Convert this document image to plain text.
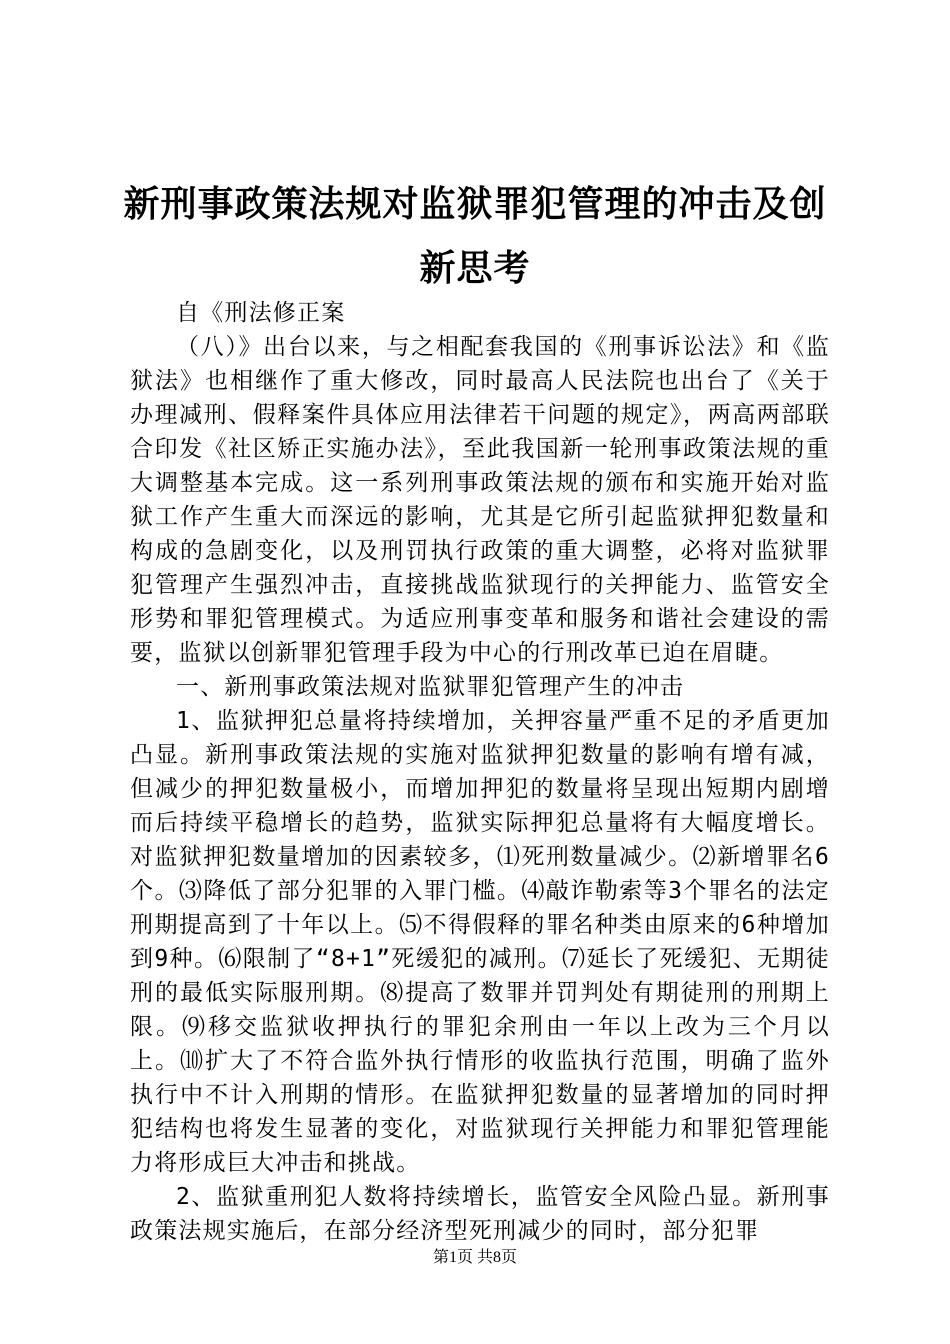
新刑事政策法规对监狱罪犯管理的冲击及创新思考

自《刑法修正案

（八）》出台以来，与之相配套我国的《刑事诉讼法》和《监狱法》也相继作了重大修改，同时最高人民法院也出台了《关于办理减刑、假释案件具体应用法律若干问题的规定》，两高两部联合印发《社区矫正实施办法》，至此我国新一轮刑事政策法规的重大调整基本完成。这一系列刑事政策法规的颁布和实施开始对监狱工作产生重大而深远的影响，尤其是它所引起监狱押犯数量和构成的急剧变化，以及刑罚执行政策的重大调整，必将对监狱罪犯管理产生强烈冲击，直接挑战监狱现行的关押能力、监管安全形势和罪犯管理模式。为适应刑事变革和服务和谐社会建设的需要，监狱以创新罪犯管理手段为中心的行刑改革已迫在眉睫。

一、新刑事政策法规对监狱罪犯管理产生的冲击

1、监狱押犯总量将持续增加，关押容量严重不足的矛盾更加凸显。新刑事政策法规的实施对监狱押犯数量的影响有增有减，但减少的押犯数量极小，而增加押犯的数量将呈现出短期内剧增而后持续平稳增长的趋势，监狱实际押犯总量将有大幅度增长。对监狱押犯数量增加的因素较多，⑴死刑数量减少。⑵新增罪名6个。⑶降低了部分犯罪的入罪门槛。⑷敲诈勒索等3个罪名的法定刑期提高到了十年以上。⑸不得假释的罪名种类由原来的6种增加到9种。⑹限制了“8+1”死缓犯的减刑。⑺延长了死缓犯、无期徒刑的最低实际服刑期。⑻提高了数罪并罚判处有期徒刑的刑期上限。⑼移交监狱收押执行的罪犯余刑由一年以上改为三个月以上。⑽扩大了不符合监外执行情形的收监执行范围，明确了监外执行中不计入刑期的情形。在监狱押犯数量的显著增加的同时押犯结构也将发生显著的变化，对监狱现行关押能力和罪犯管理能力将形成巨大冲击和挑战。

2、监狱重刑犯人数将持续增长，监管安全风险凸显。新刑事政策法规实施后，在部分经济型死刑减少的同时，部分犯罪

第1页 共8页
